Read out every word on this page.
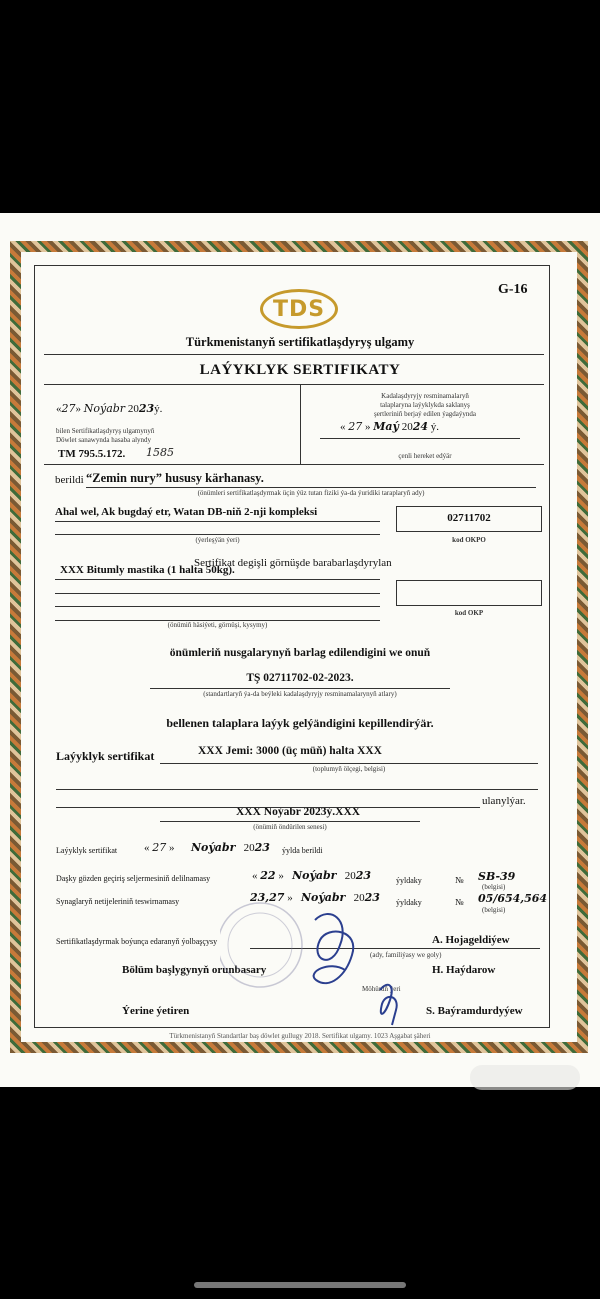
G-16
TDS
Türkmenistanyň sertifikatlaşdyryş ulgamy
LAÝYKLYK SERTIFIKATY
«27» Noýabr 2023ý.
bilen Sertifikatlaşdyryş ulgamynyň
Döwlet sanawynda hasaba alyndy
TM 795.5.172. 1585
Kadalaşdyryjy resminamalaryň
talaplaryna laýyklykda saklanyş
şertleriniň berjaý edilen ýagdaýynda
« 27 » Maý 2024 ý.
çenli hereket edýär
berildi “Zemin nury” hususy kärhanasy.
(önümleri sertifikatlaşdyrmak üçin ýüz tutan fiziki ýa-da ýuridiki taraplaryň ady)
Ahal wel, Ak bugdaý etr, Watan DB-niň 2-nji kompleksi
(ýerleşýän ýeri)
02711702
kod OKPO
Sertifikat degişli görnüşde barabarlaşdyrylan
XXX Bitumly mastika (1 halta 50kg).
(önümiň häsiýeti, görnüşi, kysymy)
kod OKP
önümleriň nusgalarynyň barlag edilendigini we onuň
TŞ 02711702-02-2023.
(standartlaryň ýa-da beýleki kadalaşdyryjy resminamalarynyň atlary)
bellenen talaplara laýyk gelýändigini kepillendirýär.
Laýyklyk sertifikat	XXX Jemi: 3000 (üç müň) halta XXX
(toplumyň ölçegi, belgisi)
ulanylýar.
XXX Noýabr 2023ý.XXX
(önümiň öndürilen senesi)
Laýyklyk sertifikat « 27 »      Noýabr 2023 ýylda berildi
Daşky gözden geçiriş seljermesiniň delilnamasy	« 22 »   Noýabr 2023	ýyldaky	№ SB-39
(belgisi)
Synaglaryň netijeleriniň teswirnamasy	23,27 »   Noýabr 2023 ýyldaky	№ 05/654,564
(belgisi)
Sertifikatlaşdyrmak boýunça edaranyň ýolbaşçysy	A. Hojageldiýew
(ady, familiýasy we goly)
Bölüm başlygynyň orunbasary	H. Haýdarow
Möhürüň ýeri
Ýerine ýetiren	S. Baýramdurdyýew
Türkmenistanyň Standartlar baş döwlet gullugy 2018. Sertifikat ulgamy. 1023 Aşgabat şäheri
